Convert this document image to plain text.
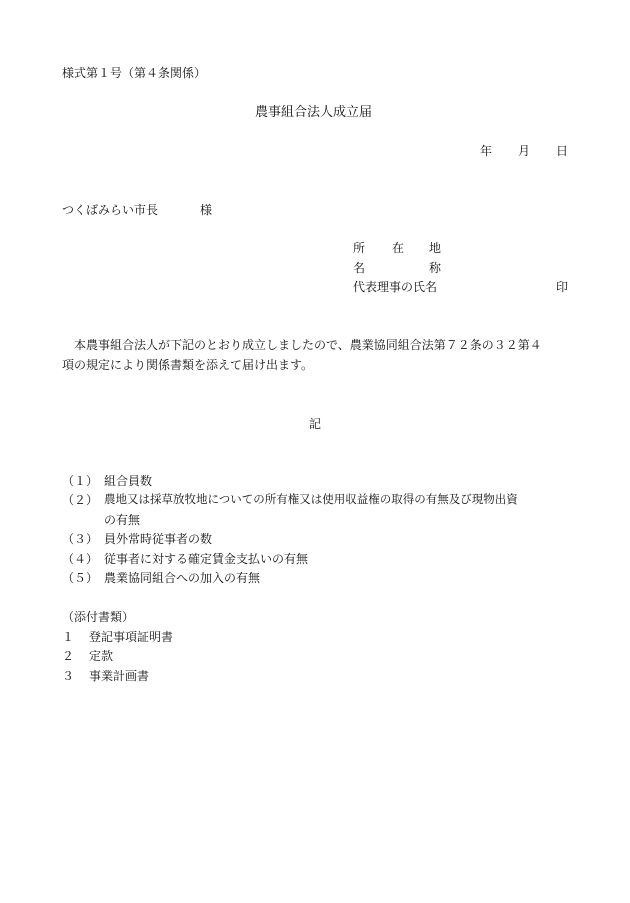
様式第１号（第４条関係）
農事組合法人成立届
年 月 日
つくばみらい市長	様
所 在 地
名	称
代表理事の氏名	印
本農事組合法人が下記のとおり成立しましたので、農業協同組合法第７２条の３２第４
項の規定により関係書類を添えて届け出ます。
記
（１） 組合員数
（２） 農地又は採草放牧地についての所有権又は使用収益権の取得の有無及び現物出資
の有無
（３） 員外常時従事者の数
（４） 従事者に対する確定賃金支払いの有無
（５） 農業協同組合への加入の有無
（添付書類）
１ 登記事項証明書
２ 定款
３ 事業計画書
